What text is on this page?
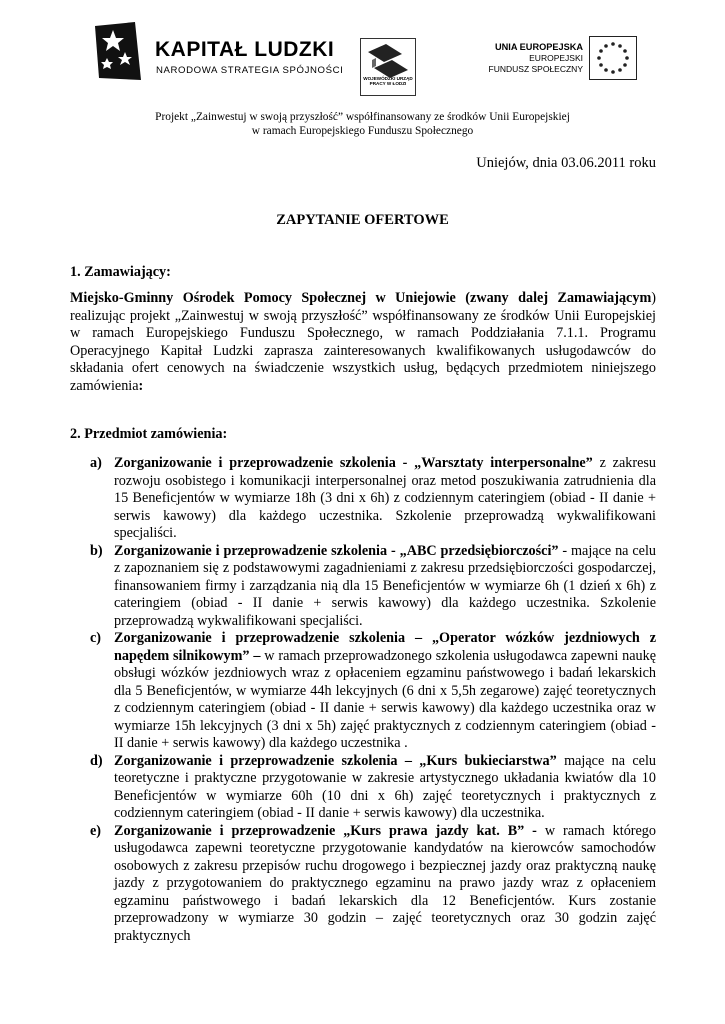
KAPITAŁ LUDZKI
NARODOWA STRATEGIA SPÓJNOŚCI
WOJEWÓDZKI URZĄD PRACY W ŁODZI
UNIA EUROPEJSKA
EUROPEJSKI
FUNDUSZ SPOŁECZNY
Projekt „Zainwestuj w swoją przyszłość” współfinansowany ze środków Unii Europejskiej
w ramach Europejskiego Funduszu Społecznego
Uniejów, dnia 03.06.2011 roku
ZAPYTANIE OFERTOWE
1. Zamawiający:
Miejsko-Gminny Ośrodek Pomocy Społecznej w Uniejowie (zwany dalej Zamawiającym) realizując projekt „Zainwestuj w swoją przyszłość” współfinansowany ze środków Unii Europejskiej w ramach Europejskiego Funduszu Społecznego, w ramach Poddziałania 7.1.1. Programu Operacyjnego Kapitał Ludzki zaprasza zainteresowanych kwalifikowanych usługodawców do składania ofert cenowych na świadczenie wszystkich usług, będących przedmiotem niniejszego zamówienia:
2. Przedmiot zamówienia:
a) Zorganizowanie i przeprowadzenie szkolenia - „Warsztaty interpersonalne” z zakresu rozwoju osobistego i komunikacji interpersonalnej oraz metod poszukiwania zatrudnienia dla 15 Beneficjentów w wymiarze 18h (3 dni x 6h) z codziennym cateringiem (obiad - II danie + serwis kawowy) dla każdego uczestnika. Szkolenie przeprowadzą wykwalifikowani specjaliści.
b) Zorganizowanie i przeprowadzenie szkolenia - „ABC przedsiębiorczości” - mające na celu z zapoznaniem się z podstawowymi zagadnieniami z zakresu przedsiębiorczości gospodarczej, finansowaniem firmy i zarządzania nią dla 15 Beneficjentów w wymiarze 6h (1 dzień x 6h) z cateringiem (obiad - II danie + serwis kawowy) dla każdego uczestnika. Szkolenie przeprowadzą wykwalifikowani specjaliści.
c) Zorganizowanie i przeprowadzenie szkolenia – „Operator wózków jezdniowych z napędem silnikowym” – w ramach przeprowadzonego szkolenia usługodawca zapewni naukę obsługi wózków jezdniowych wraz z opłaceniem egzaminu państwowego i badań lekarskich dla 5 Beneficjentów, w wymiarze 44h lekcyjnych (6 dni x 5,5h zegarowe) zajęć teoretycznych z codziennym cateringiem (obiad - II danie + serwis kawowy) dla każdego uczestnika oraz w wymiarze 15h lekcyjnych (3 dni x 5h) zajęć praktycznych z codziennym cateringiem (obiad - II danie + serwis kawowy) dla każdego uczestnika .
d) Zorganizowanie i przeprowadzenie szkolenia – „Kurs bukieciarstwa” mające na celu teoretyczne i praktyczne przygotowanie w zakresie artystycznego układania kwiatów dla 10 Beneficjentów w wymiarze 60h (10 dni x 6h) zajęć teoretycznych i praktycznych z codziennym cateringiem (obiad - II danie + serwis kawowy) dla uczestnika.
e) Zorganizowanie i przeprowadzenie „Kurs prawa jazdy kat. B” - w ramach którego usługodawca zapewni teoretyczne przygotowanie kandydatów na kierowców samochodów osobowych z zakresu przepisów ruchu drogowego i bezpiecznej jazdy oraz praktyczną naukę jazdy z przygotowaniem do praktycznego egzaminu na prawo jazdy wraz z opłaceniem egzaminu państwowego i badań lekarskich dla 12 Beneficjentów. Kurs zostanie przeprowadzony w wymiarze 30 godzin – zajęć teoretycznych oraz 30 godzin zajęć praktycznych
